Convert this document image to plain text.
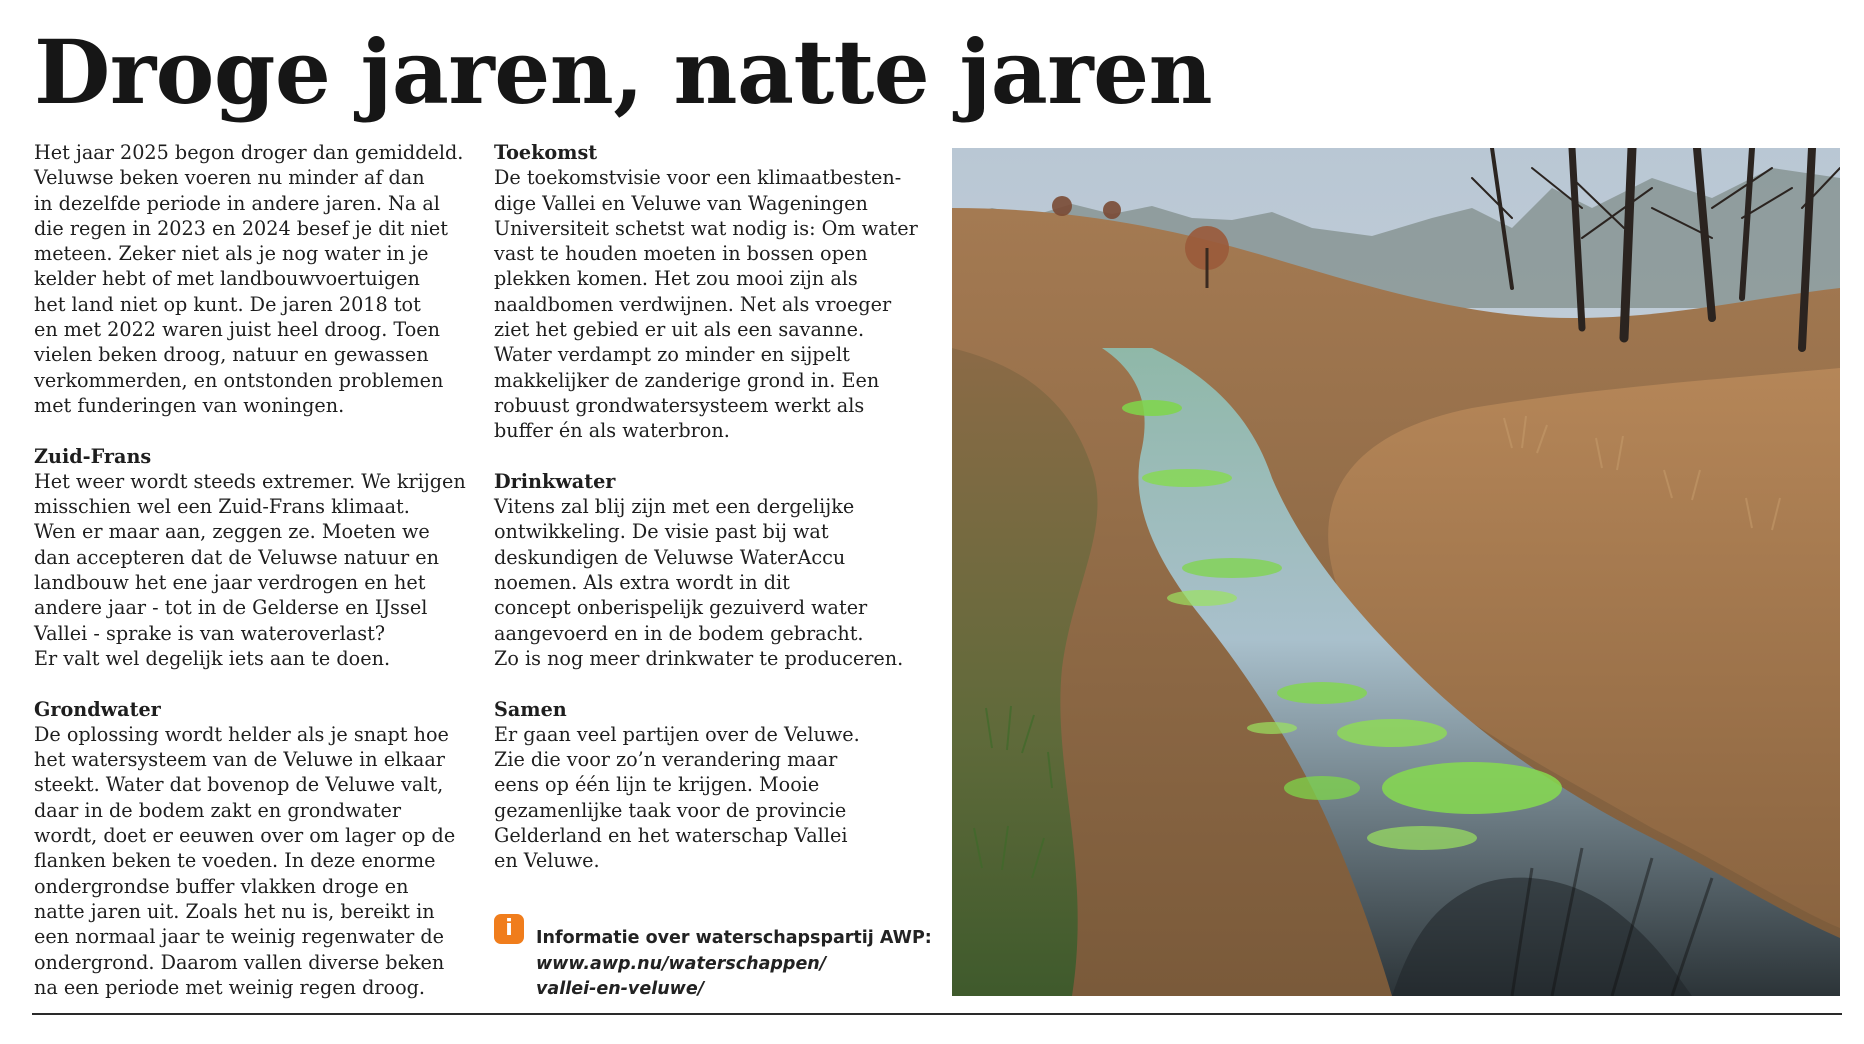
Droge jaren, natte jaren
Het jaar 2025 begon droger dan gemiddeld.
Veluwse beken voeren nu minder af dan
in dezelfde periode in andere jaren. Na al
die regen in 2023 en 2024 besef je dit niet
meteen. Zeker niet als je nog water in je
kelder hebt of met landbouwvoertuigen
het land niet op kunt. De jaren 2018 tot
en met 2022 waren juist heel droog. Toen
vielen beken droog, natuur en gewassen
verkommerden, en ontstonden problemen
met funderingen van woningen.
Zuid-Frans
Het weer wordt steeds extremer. We krijgen
misschien wel een Zuid-Frans klimaat.
Wen er maar aan, zeggen ze. Moeten we
dan accepteren dat de Veluwse natuur en
landbouw het ene jaar verdrogen en het
andere jaar - tot in de Gelderse en IJssel
Vallei - sprake is van wateroverlast?
Er valt wel degelijk iets aan te doen.
Grondwater
De oplossing wordt helder als je snapt hoe
het watersysteem van de Veluwe in elkaar
steekt. Water dat bovenop de Veluwe valt,
daar in de bodem zakt en grondwater
wordt, doet er eeuwen over om lager op de
flanken beken te voeden. In deze enorme
ondergrondse buffer vlakken droge en
natte jaren uit. Zoals het nu is, bereikt in
een normaal jaar te weinig regenwater de
ondergrond. Daarom vallen diverse beken
na een periode met weinig regen droog.
Toekomst
De toekomstvisie voor een klimaatbesten-
dige Vallei en Veluwe van Wageningen
Universiteit schetst wat nodig is: Om water
vast te houden moeten in bossen open
plekken komen. Het zou mooi zijn als
naaldbomen verdwijnen. Net als vroeger
ziet het gebied er uit als een savanne.
Water verdampt zo minder en sijpelt
makkelijker de zanderige grond in. Een
robuust grondwatersysteem werkt als
buffer én als waterbron.
Drinkwater
Vitens zal blij zijn met een dergelijke
ontwikkeling. De visie past bij wat
deskundigen de Veluwse WaterAccu
noemen. Als extra wordt in dit
concept onberispelijk gezuiverd water
aangevoerd en in de bodem gebracht.
Zo is nog meer drinkwater te produceren.
Samen
Er gaan veel partijen over de Veluwe.
Zie die voor zo’n verandering maar
eens op één lijn te krijgen. Mooie
gezamenlijke taak voor de provincie
Gelderland en het waterschap Vallei
en Veluwe.
i	Informatie over waterschapspartij AWP:
www.awp.nu/waterschappen/
vallei-en-veluwe/
